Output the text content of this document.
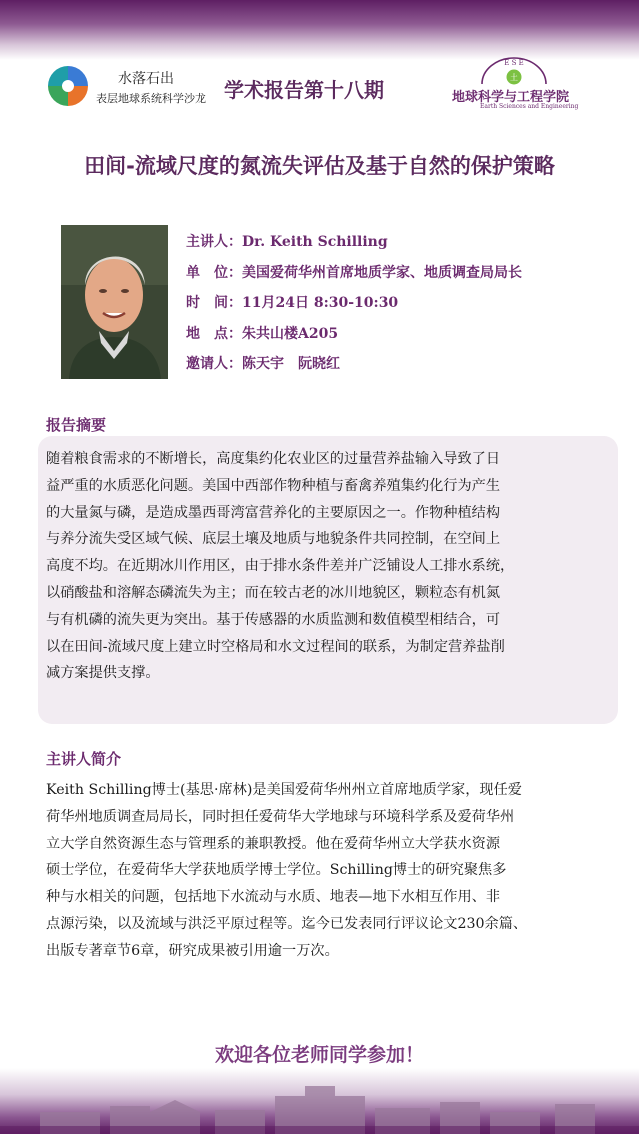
水落石出
表层地球系统科学沙龙 学术报告第十八期
E S E
土
地球科学与工程学院
Earth Sciences and Engineering
田间-流域尺度的氮流失评估及基于自然的保护策略
主讲人：Dr. Keith Schilling
单　位：美国爱荷华州首席地质学家、地质调查局局长
时　间：11月24日 8:30-10:30
地　点：朱共山楼A205
邀请人：陈天宇　阮晓红
报告摘要
随着粮食需求的不断增长，高度集约化农业区的过量营养盐输入导致了日
益严重的水质恶化问题。美国中西部作物种植与畜禽养殖集约化行为产生
的大量氮与磷，是造成墨西哥湾富营养化的主要原因之一。作物种植结构
与养分流失受区域气候、底层土壤及地质与地貌条件共同控制，在空间上
高度不均。在近期冰川作用区，由于排水条件差并广泛铺设人工排水系统，
以硝酸盐和溶解态磷流失为主；而在较古老的冰川地貌区，颗粒态有机氮
与有机磷的流失更为突出。基于传感器的水质监测和数值模型相结合，可
以在田间-流域尺度上建立时空格局和水文过程间的联系，为制定营养盐削
减方案提供支撑。
主讲人简介
Keith Schilling博士(基思·席林)是美国爱荷华州州立首席地质学家，现任爱
荷华州地质调查局局长，同时担任爱荷华大学地球与环境科学系及爱荷华州
立大学自然资源生态与管理系的兼职教授。他在爱荷华州立大学获水资源
硕士学位，在爱荷华大学获地质学博士学位。Schilling博士的研究聚焦多
种与水相关的问题，包括地下水流动与水质、地表—地下水相互作用、非
点源污染，以及流域与洪泛平原过程等。迄今已发表同行评议论文230余篇、
出版专著章节6章，研究成果被引用逾一万次。
欢迎各位老师同学参加！
